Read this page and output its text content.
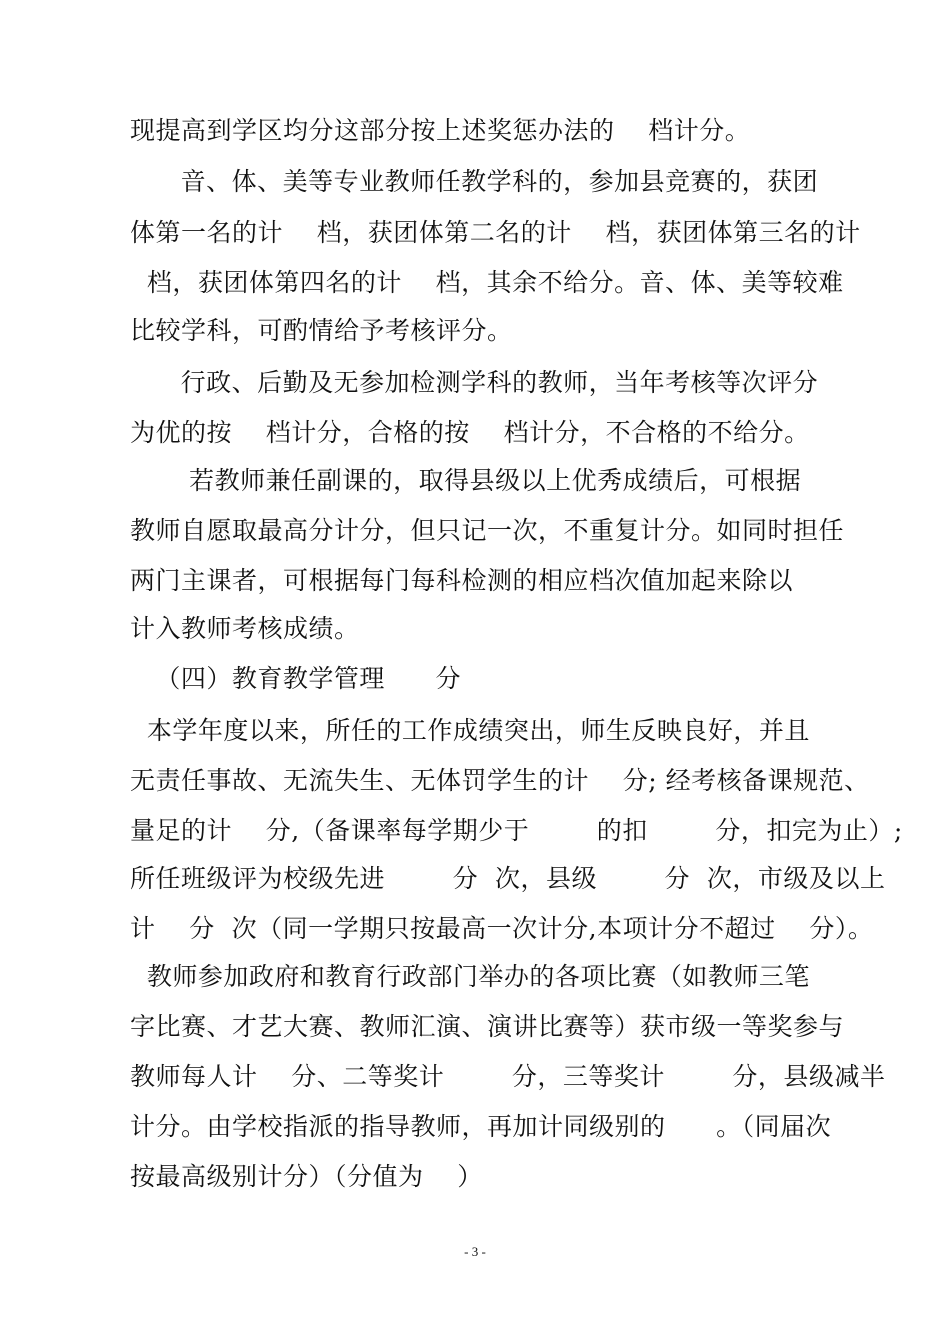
现提高到学区均分这部分按上述奖惩办法的    档计分。
音、体、美等专业教师任教学科的，参加县竞赛的，获团
体第一名的计    档，获团体第二名的计    档，获团体第三名的计
档，获团体第四名的计    档，其余不给分。音、体、美等较难
比较学科，可酌情给予考核评分。
行政、后勤及无参加检测学科的教师，当年考核等次评分
为优的按    档计分，合格的按    档计分，不合格的不给分。
若教师兼任副课的，取得县级以上优秀成绩后，可根据
教师自愿取最高分计分，但只记一次，不重复计分。如同时担任
两门主课者，可根据每门每科检测的相应档次值加起来除以
计入教师考核成绩。
（四）教育教学管理      分
本学年度以来，所任的工作成绩突出，师生反映良好，并且
无责任事故、无流失生、无体罚学生的计    分; 经考核备课规范、
量足的计    分,（备课率每学期少于        的扣        分，扣完为止）;
所任班级评为校级先进        分  次，县级        分  次，市级及以上
计    分  次（同一学期只按最高一次计分,本项计分不超过    分）。
教师参加政府和教育行政部门举办的各项比赛（如教师三笔
字比赛、才艺大赛、教师汇演、演讲比赛等）获市级一等奖参与
教师每人计    分、二等奖计        分，三等奖计        分，县级减半
计分。由学校指派的指导教师，再加计同级别的      。（同届次
按最高级别计分）（分值为    ）
- 3 -
